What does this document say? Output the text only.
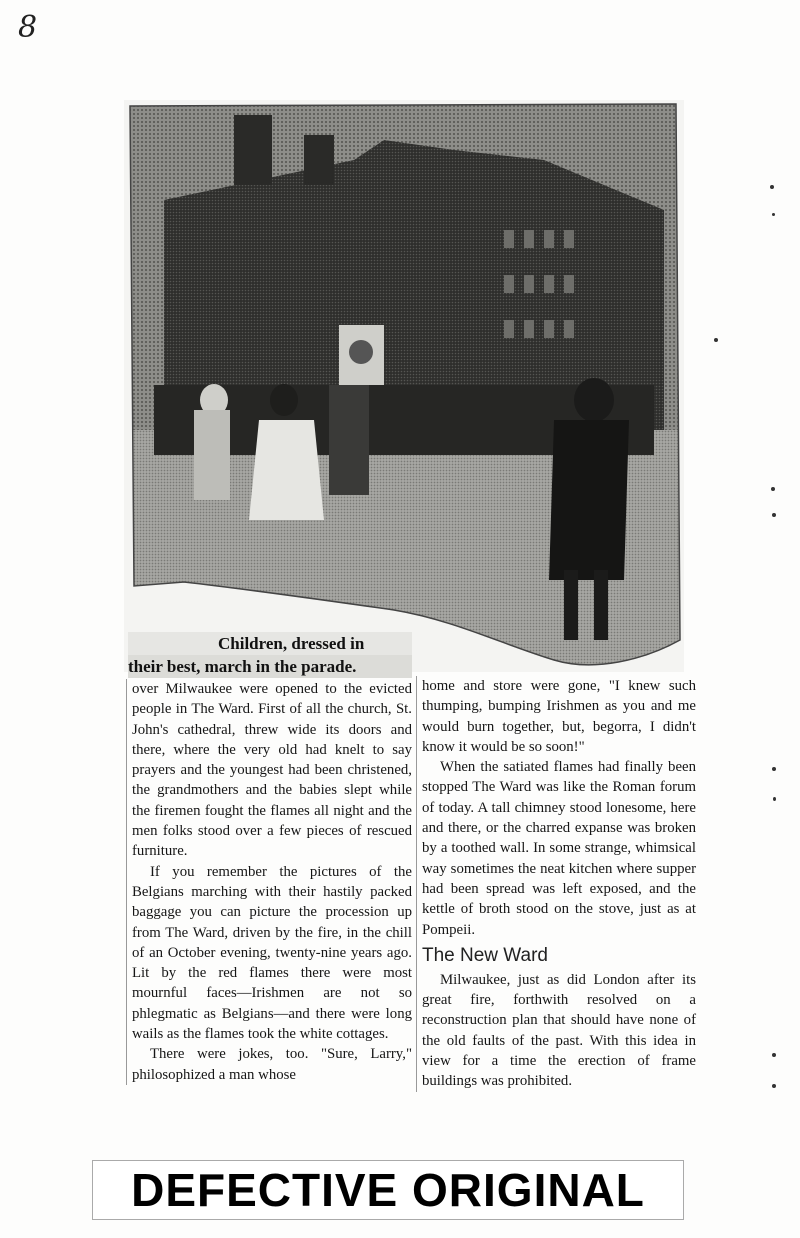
8
Children, dressed in
their best, march in the parade.

over Milwaukee were opened to the evicted people in The Ward. First of all the church, St. John's cathedral, threw wide its doors and there, where the very old had knelt to say prayers and the youngest had been christened, the grandmothers and the babies slept while the firemen fought the flames all night and the men folks stood over a few pieces of rescued furniture.

If you remember the pictures of the Belgians marching with their hastily packed baggage you can picture the procession up from The Ward, driven by the fire, in the chill of an October evening, twenty-nine years ago. Lit by the red flames there were most mournful faces—Irishmen are not so phlegmatic as Belgians—and there were long wails as the flames took the white cottages.

There were jokes, too. "Sure, Larry," philosophized a man whose

home and store were gone, "I knew such thumping, bumping Irishmen as you and me would burn together, but, begorra, I didn't know it would be so soon!"

When the satiated flames had finally been stopped The Ward was like the Roman forum of today. A tall chimney stood lonesome, here and there, or the charred expanse was broken by a toothed wall. In some strange, whimsical way sometimes the neat kitchen where supper had been spread was left exposed, and the kettle of broth stood on the stove, just as at Pompeii.

The New Ward

Milwaukee, just as did London after its great fire, forthwith resolved on a reconstruction plan that should have none of the old faults of the past. With this idea in view for a time the erection of frame buildings was prohibited.

DEFECTIVE ORIGINAL
